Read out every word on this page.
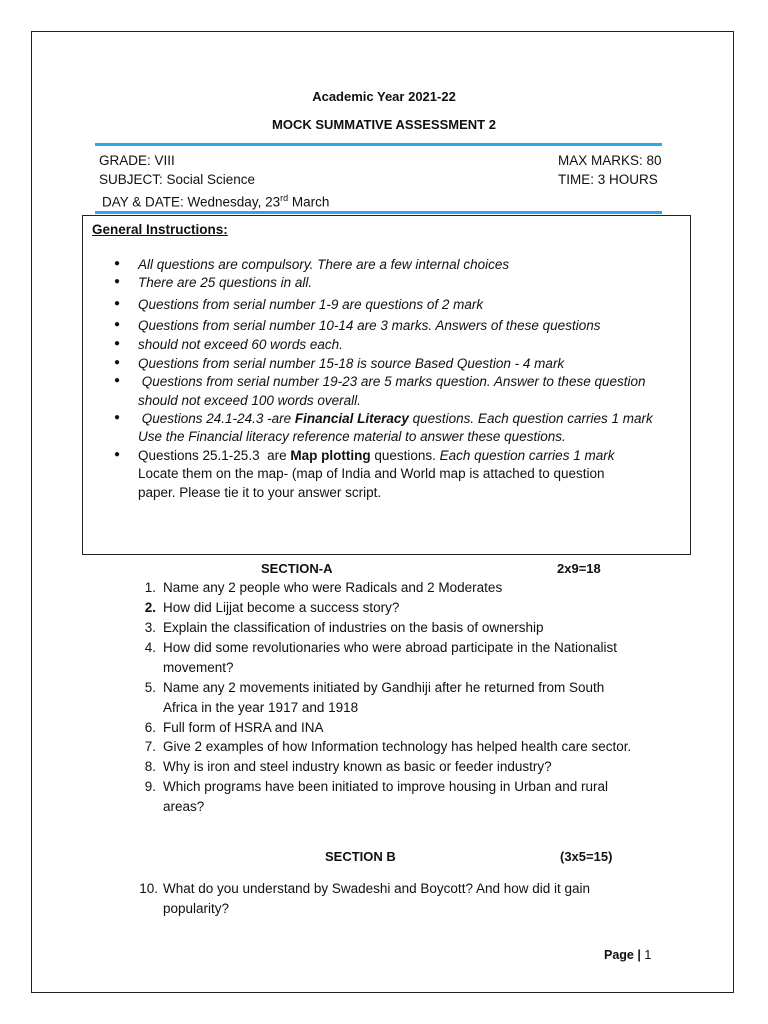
Academic Year 2021-22
MOCK SUMMATIVE ASSESSMENT 2
GRADE: VIII
SUBJECT: Social Science
DAY & DATE: Wednesday, 23rd March
MAX MARKS: 80
TIME: 3 HOURS
General Instructions:
●
●
●
●
●
●
●
●
●
All questions are compulsory. There are a few internal choices
There are 25 questions in all.
Questions from serial number 1-9 are questions of 2 mark
Questions from serial number 10-14 are 3 marks. Answers of these questions
should not exceed 60 words each.
Questions from serial number 15-18 is source Based Question - 4 mark
Questions from serial number 19-23 are 5 marks question. Answer to these question
should not exceed 100 words overall.
Questions 24.1-24.3 -are Financial Literacy questions. Each question carries 1 mark
Use the Financial literacy reference material to answer these questions.
Questions 25.1-25.3  are Map plotting questions. Each question carries 1 mark
Locate them on the map- (map of India and World map is attached to question
paper. Please tie it to your answer script.
SECTION-A	2x9=18
1. Name any 2 people who were Radicals and 2 Moderates
2. How did Lijjat become a success story?
3. Explain the classification of industries on the basis of ownership
4. How did some revolutionaries who were abroad participate in the Nationalist
movement?
5. Name any 2 movements initiated by Gandhiji after he returned from South
Africa in the year 1917 and 1918
6. Full form of HSRA and INA
7. Give 2 examples of how Information technology has helped health care sector.
8. Why is iron and steel industry known as basic or feeder industry?
9. Which programs have been initiated to improve housing in Urban and rural
areas?
SECTION B	(3x5=15)
10. What do you understand by Swadeshi and Boycott? And how did it gain
popularity?
Page | 1
